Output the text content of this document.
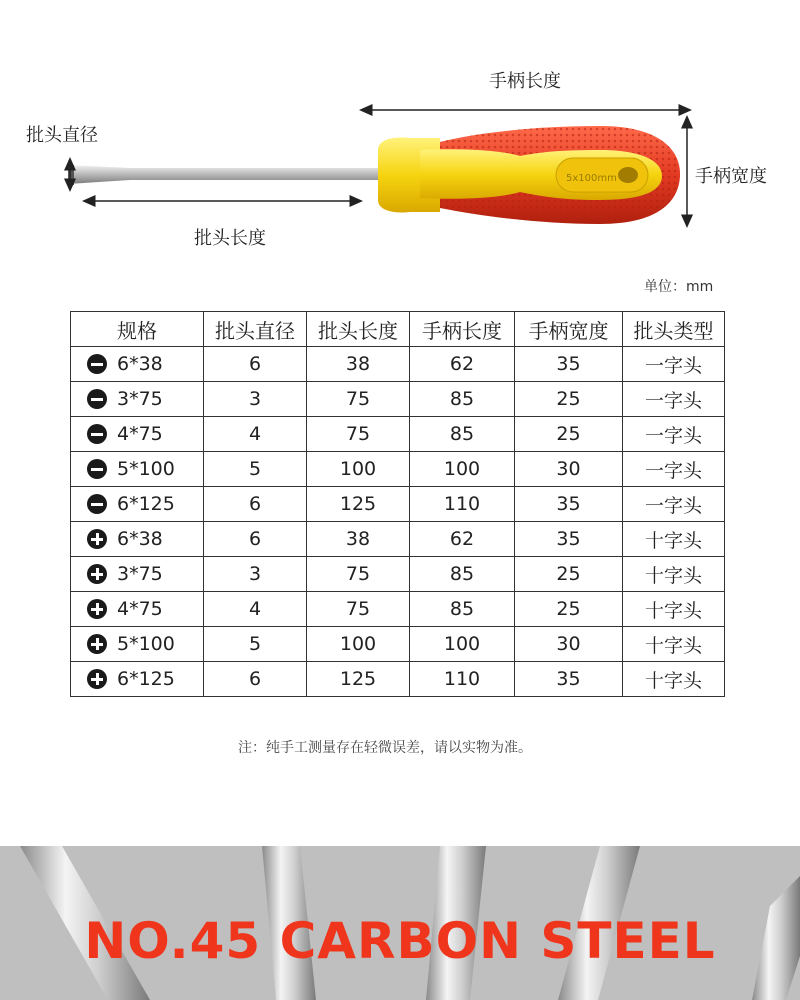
5x100mm
手柄长度
批头直径
手柄宽度
批头长度
单位：mm
规格	批头直径	批头长度	手柄长度	手柄宽度	批头类型

6*38	6	38	62	35	一字头

3*75	3	75	85	25	一字头

4*75	4	75	85	25	一字头

5*100	5	100	100	30	一字头

6*125	6	125	110	35	一字头

6*38	6	38	62	35	十字头

3*75	3	75	85	25	十字头

4*75	4	75	85	25	十字头

5*100	5	100	100	30	十字头

6*125	6	125	110	35	十字头
注：纯手工测量存在轻微误差，请以实物为准。
NO.45 CARBON STEEL
